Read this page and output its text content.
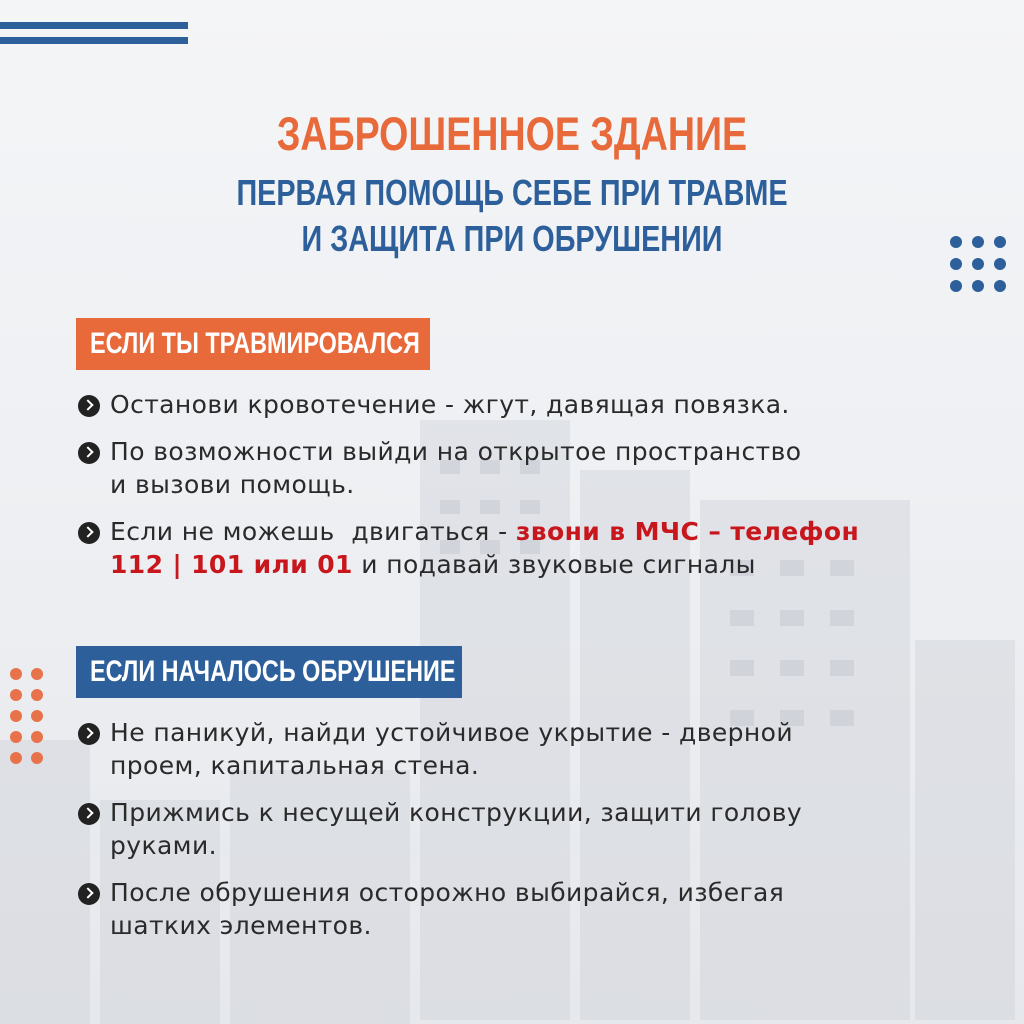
ЗАБРОШЕННОЕ ЗДАНИЕ
ПЕРВАЯ ПОМОЩЬ СЕБЕ ПРИ ТРАВМЕ
И ЗАЩИТА ПРИ ОБРУШЕНИИ
ЕСЛИ ТЫ ТРАВМИРОВАЛСЯ
Останови кровотечение - жгут, давящая повязка.
По возможности выйди на открытое пространство
и вызови помощь.
Если не можешь  двигаться - звони в МЧС – телефон
112 | 101 или 01 и подавай звуковые сигналы
ЕСЛИ НАЧАЛОСЬ ОБРУШЕНИЕ
Не паникуй, найди устойчивое укрытие - дверной
проем, капитальная стена.
Прижмись к несущей конструкции, защити голову
руками.
После обрушения осторожно выбирайся, избегая
шатких элементов.
